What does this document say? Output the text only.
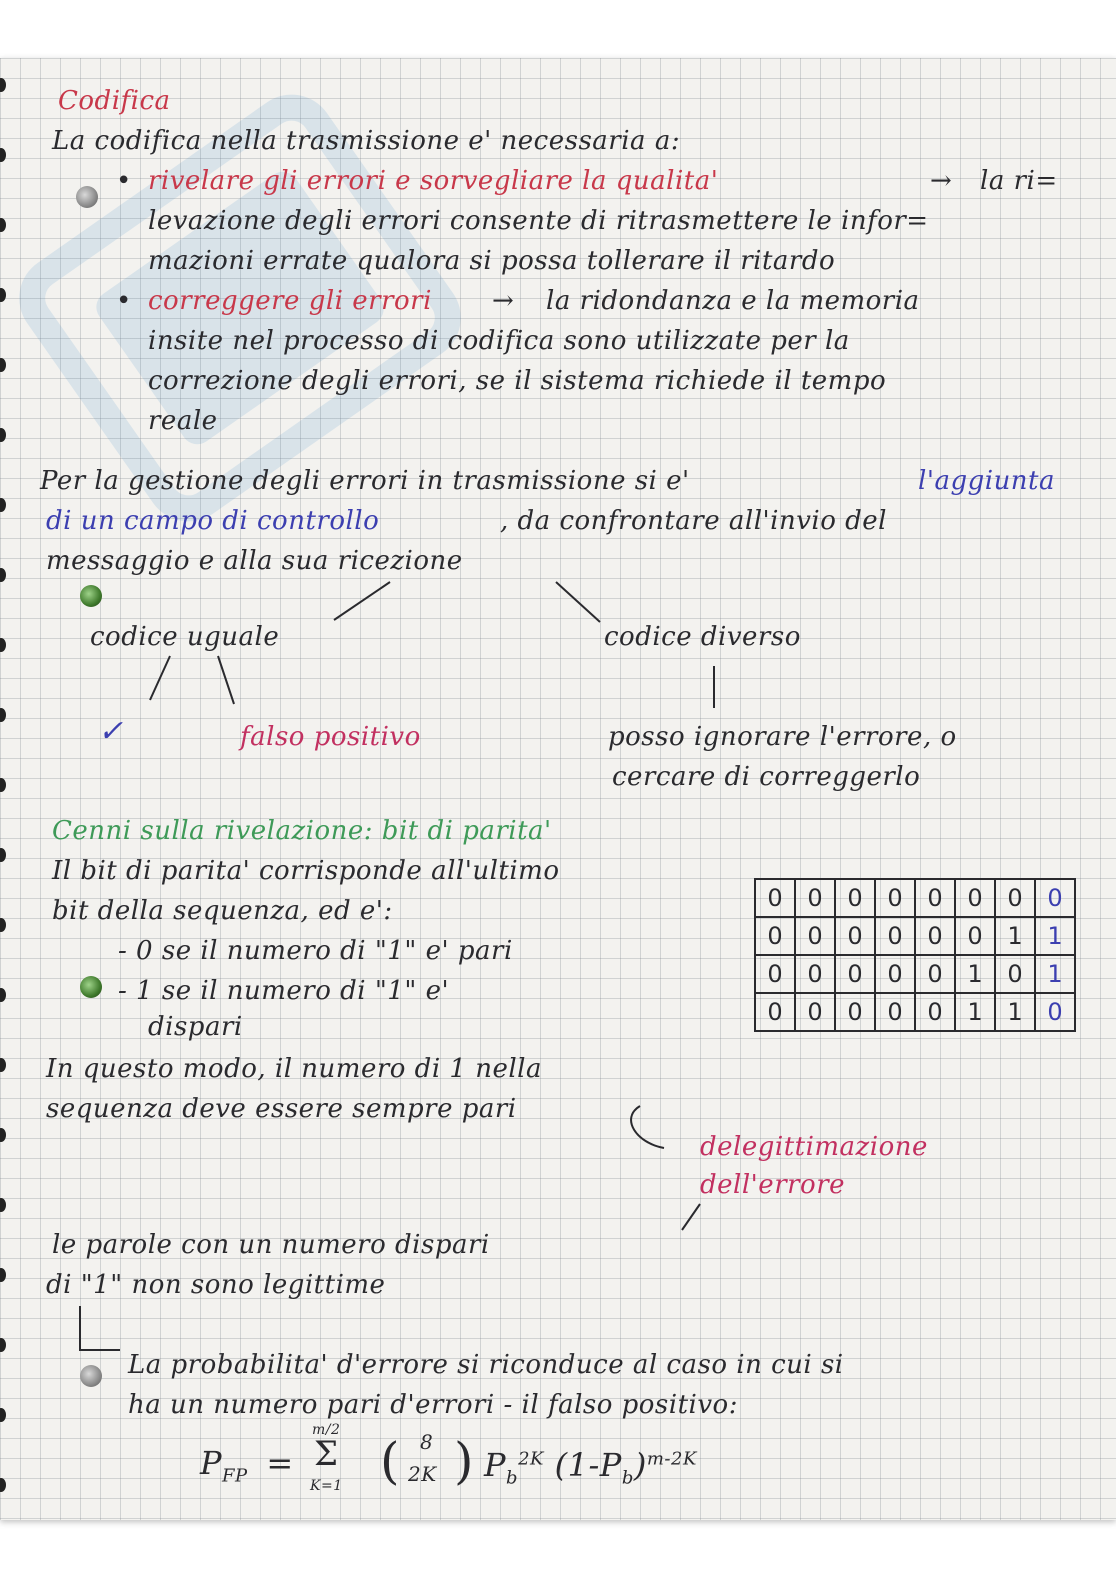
Codifica
La codifica nella trasmissione e' necessaria a:
• rivelare gli errori e sorvegliare la qualita'	→ la ri=
levazione degli errori consente di ritrasmettere le infor=
mazioni errate qualora si possa tollerare il ritardo
• correggere gli errori → la ridondanza e la memoria
insite nel processo di codifica sono utilizzate per la
correzione degli errori, se il sistema richiede il tempo
reale
Per la gestione degli errori in trasmissione si e'	l'aggiunta
di un campo di controllo	, da confrontare all'invio del
messaggio e alla sua ricezione
codice uguale	codice diverso
✓	falso positivo	posso ignorare l'errore, o
cercare di correggerlo
Cenni sulla rivelazione: bit di parita'
Il bit di parita' corrisponde all'ultimo
bit della sequenza, ed e':
- 0 se il numero di "1" e' pari
- 1 se il numero di "1" e'
dispari
In questo modo, il numero di 1 nella
sequenza deve essere sempre pari
delegittimazione
dell'errore
le parole con un numero dispari
di "1" non sono legittime
La probabilita' d'errore si riconduce al caso in cui si
ha un numero pari d'errori - il falso positivo:
$P_{FP}$ =
m/2
Σ
K=1 ( 8
2K ) $P_b^{2K}$ $(1-P_b)^{m-2K}$
0	0	0	0	0	0	0	0
0	0	0	0	0	0	1	1
0	0	0	0	0	1	0	1
0	0	0	0	0	1	1	0
